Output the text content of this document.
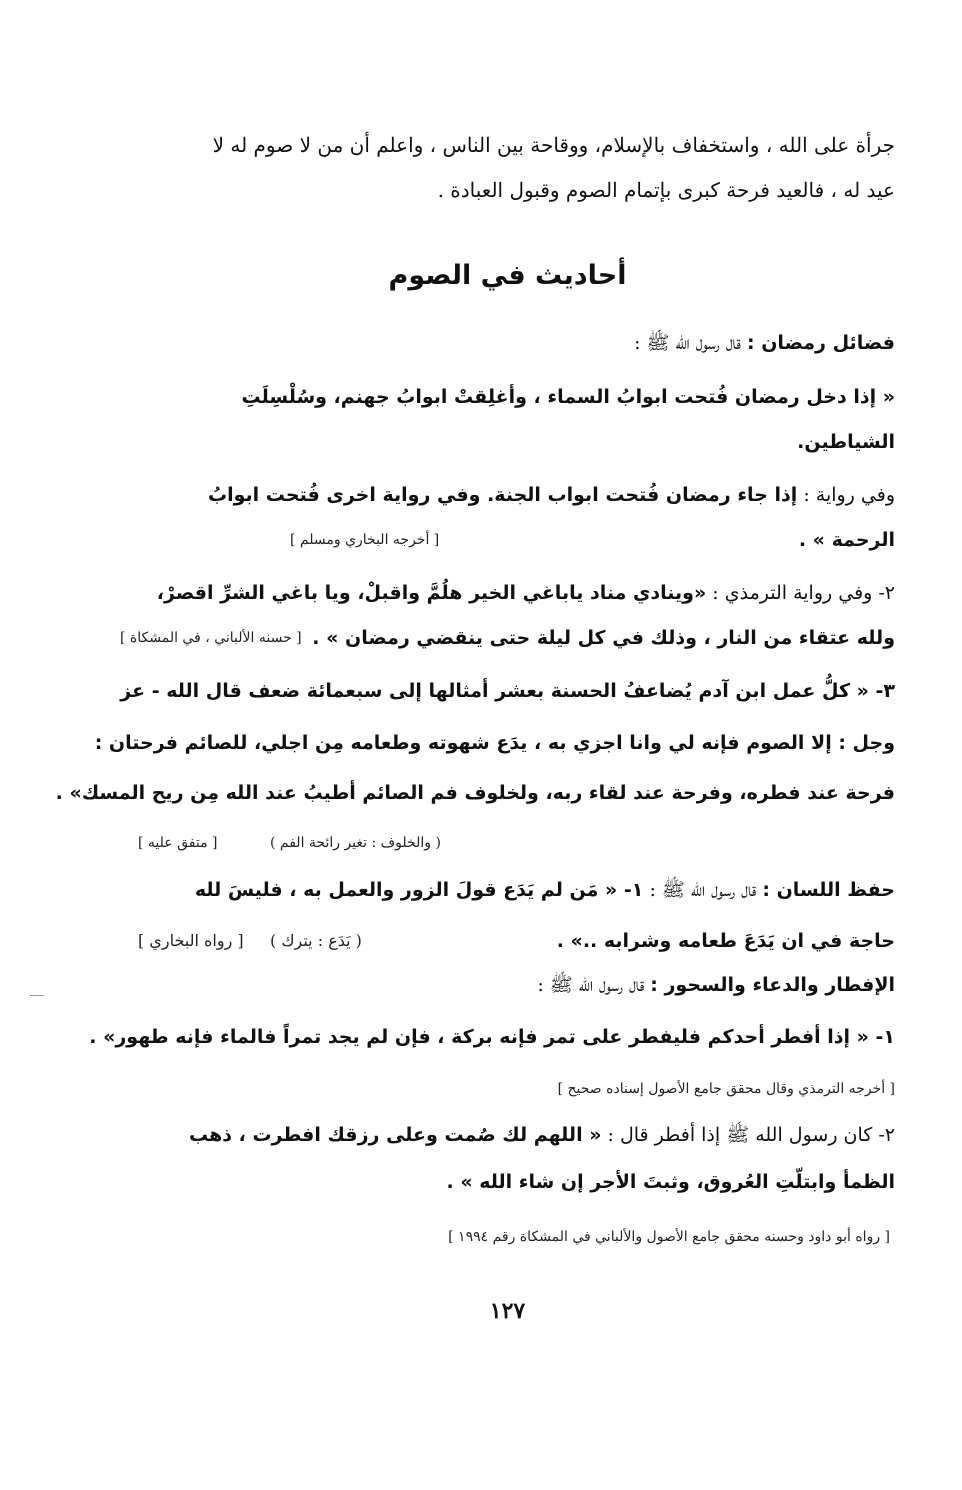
جرأة على الله ، واستخفاف بالإسلام، ووقاحة بين الناس ، واعلم أن من لا صوم له لا
عيد له ، فالعيد فرحة كبرى بإتمام الصوم وقبول العبادة .
أحاديث في الصوم
فضائل رمضان : قال رسول الله ﷺ :
« إذا دخل رمضان فُتحت ابوابُ السماء ، وأغلِقتْ ابوابُ جهنم، وسُلْسِلَتِ
الشياطين.
وفي رواية : إذا جاء رمضان فُتحت ابواب الجنة. وفي رواية اخرى فُتحت ابوابُ
الرحمة » .
[ أخرجه البخاري ومسلم ]
٢- وفي رواية الترمذي : «وينادي مناد ياباغي الخير هلُمَّ واقبلْ، ويا باغي الشرِّ اقصرْ،
ولله عتقاء من النار ، وذلك في كل ليلة حتى ينقضي رمضان » .
[ حسنه الألباني ، في المشكاة ]
٣- « كلُّ عمل ابن آدم يُضاعفُ الحسنة بعشر أمثالها إلى سبعمائة ضعف قال الله - عز
وجل : إلا الصوم فإنه لي وانا اجزي به ، يدَع شهوته وطعامه مِن اجلي، للصائم فرحتان :
فرحة عند فطره، وفرحة عند لقاء ربه، ولخلوف فم الصائم أطيبُ عند الله مِن ريح المسك» .
( والخلوف : تغير رائحة الفم )
[ متفق عليه ]
حفظ اللسان : قال رسول الله ﷺ : ١- « مَن لم يَدَع قولَ الزور والعمل به ، فليسَ لله
حاجة في ان يَدَعَ طعامه وشرابه ..» .
( يَدَع : يترك )
[ رواه البخاري ]
الإفطار والدعاء والسحور : قال رسول الله ﷺ :
١- « إذا أفطر أحدكم فليفطر على تمر فإنه بركة ، فإن لم يجد تمراً فالماء فإنه طهور» .
[ أخرجه الترمذي وقال محقق جامع الأصول إسناده صحيح ]
٢- كان رسول الله ﷺ إذا أفطر قال : « اللهم لك صُمت وعلى رزقك افطرت ، ذهب
الظمأ وابتلّتِ العُروق، وثبتَ الأجر إن شاء الله » .
[ رواه أبو داود وحسنه محقق جامع الأصول والألباني في المشكاة رقم ١٩٩٤ ]
١٢٧
